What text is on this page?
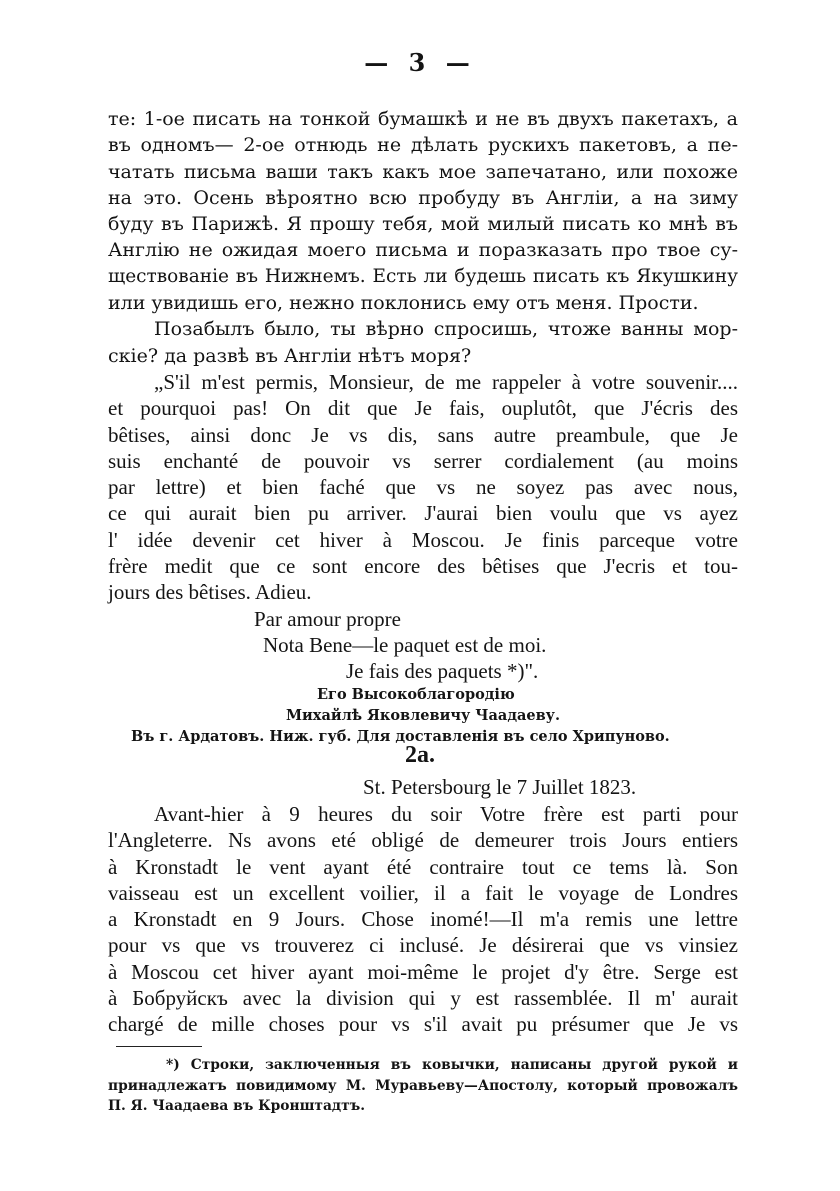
— 3 —
те: 1-ое писать на тонкой бумашкѣ и не въ двухъ пакетахъ, а
въ одномъ— 2-ое отнюдь не дѣлать рускихъ пакетовъ, а пе-
чатать письма ваши такъ какъ мое запечатано, или похоже
на это. Осень вѣроятно всю пробуду въ Англіи, а на зиму
буду въ Парижѣ. Я прошу тебя, мой милый писать ко мнѣ въ
Англію не ожидая моего письма и поразказать про твое су-
ществованіе въ Нижнемъ. Есть ли будешь писать къ Якушкину
или увидишь его, нежно поклонись ему отъ меня. Прости.
Позабылъ было, ты вѣрно спросишь, чтоже ванны мор-
скіе? да развѣ въ Англіи нѣтъ моря?
„S'il m'est permis, Monsieur, de me rappeler à votre souvenir....
et pourquoi pas! On dit que Je fais, ouplutôt, que J'écris des
bêtises, ainsi donc Je vs dis, sans autre preambule, que Je
suis enchanté de pouvoir vs serrer cordialement (au moins
par lettre) et bien faché que vs ne soyez pas avec nous,
ce qui aurait bien pu arriver. J'aurai bien voulu que vs ayez
l' idée devenir cet hiver à Moscou. Je finis parceque votre
frère medit que ce sont encore des bêtises que J'ecris et tou-
jours des bêtises. Adieu.
Par amour propre
Nota Bene—le paquet est de moi.
Je fais des paquets *)".
Его Высокоблагородію
Михайлѣ Яковлевичу Чаадаеву.
Въ г. Ардатовъ. Ниж. губ. Для доставленія въ село Хрипуново.
2a.
St. Petersbourg le 7 Juillet 1823.
Avant-hier à 9 heures du soir Votre frère est parti pour
l'Angleterre. Ns avons eté obligé de demeurer trois Jours entiers
à Kronstadt le vent ayant été contraire tout ce tems là. Son
vaisseau est un excellent voilier, il a fait le voyage de Londres
a Kronstadt en 9 Jours. Chose inomé!—Il m'a remis une lettre
pour vs que vs trouverez ci inclusé. Je désirerai que vs vinsiez
à Moscou cet hiver ayant moi-même le projet d'y être. Serge est
à Бобруйскъ avec la division qui y est rassemblée. Il m' aurait
chargé de mille choses pour vs s'il avait pu présumer que Je vs
*) Строки, заключенныя въ ковычки, написаны другой рукой и
принадлежатъ повидимому М. Муравьеву—Апостолу, который провожалъ
П. Я. Чаадаева въ Кронштадтъ.
